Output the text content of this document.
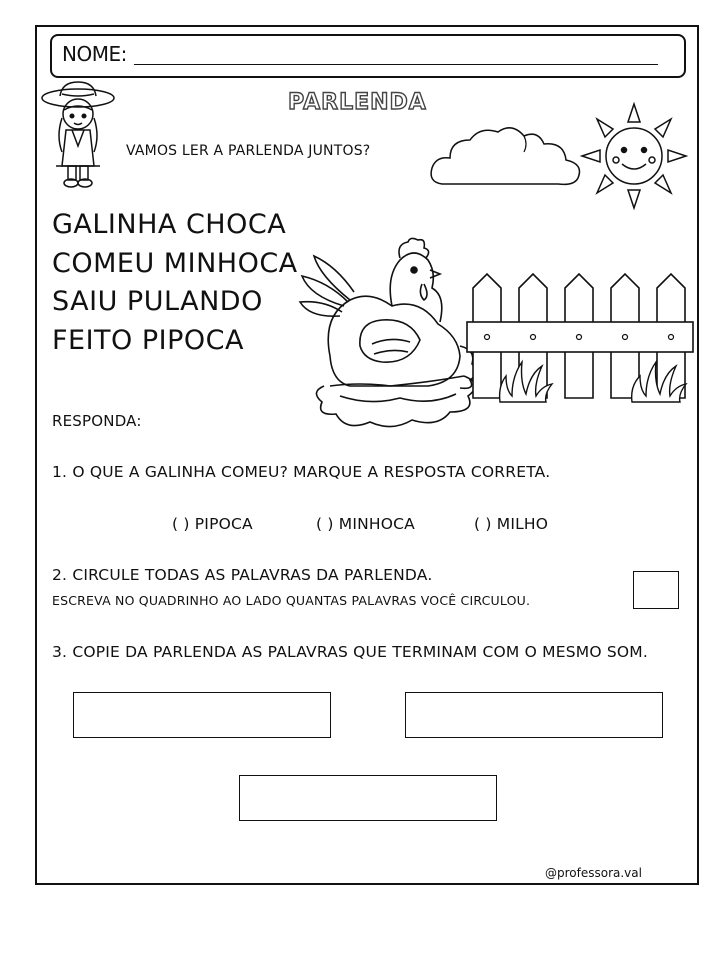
NOME:
PARLENDA
VAMOS LER A PARLENDA JUNTOS?
GALINHA CHOCA
COMEU MINHOCA
SAIU PULANDO
FEITO PIPOCA
RESPONDA:
1. O QUE A GALINHA COMEU? MARQUE A RESPOSTA CORRETA.
( ) PIPOCA	( ) MINHOCA	( ) MILHO
2. CIRCULE TODAS AS PALAVRAS DA PARLENDA.
ESCREVA NO QUADRINHO AO LADO QUANTAS PALAVRAS VOCÊ CIRCULOU.
3. COPIE DA PARLENDA AS PALAVRAS QUE TERMINAM COM O MESMO SOM.
@professora.val
